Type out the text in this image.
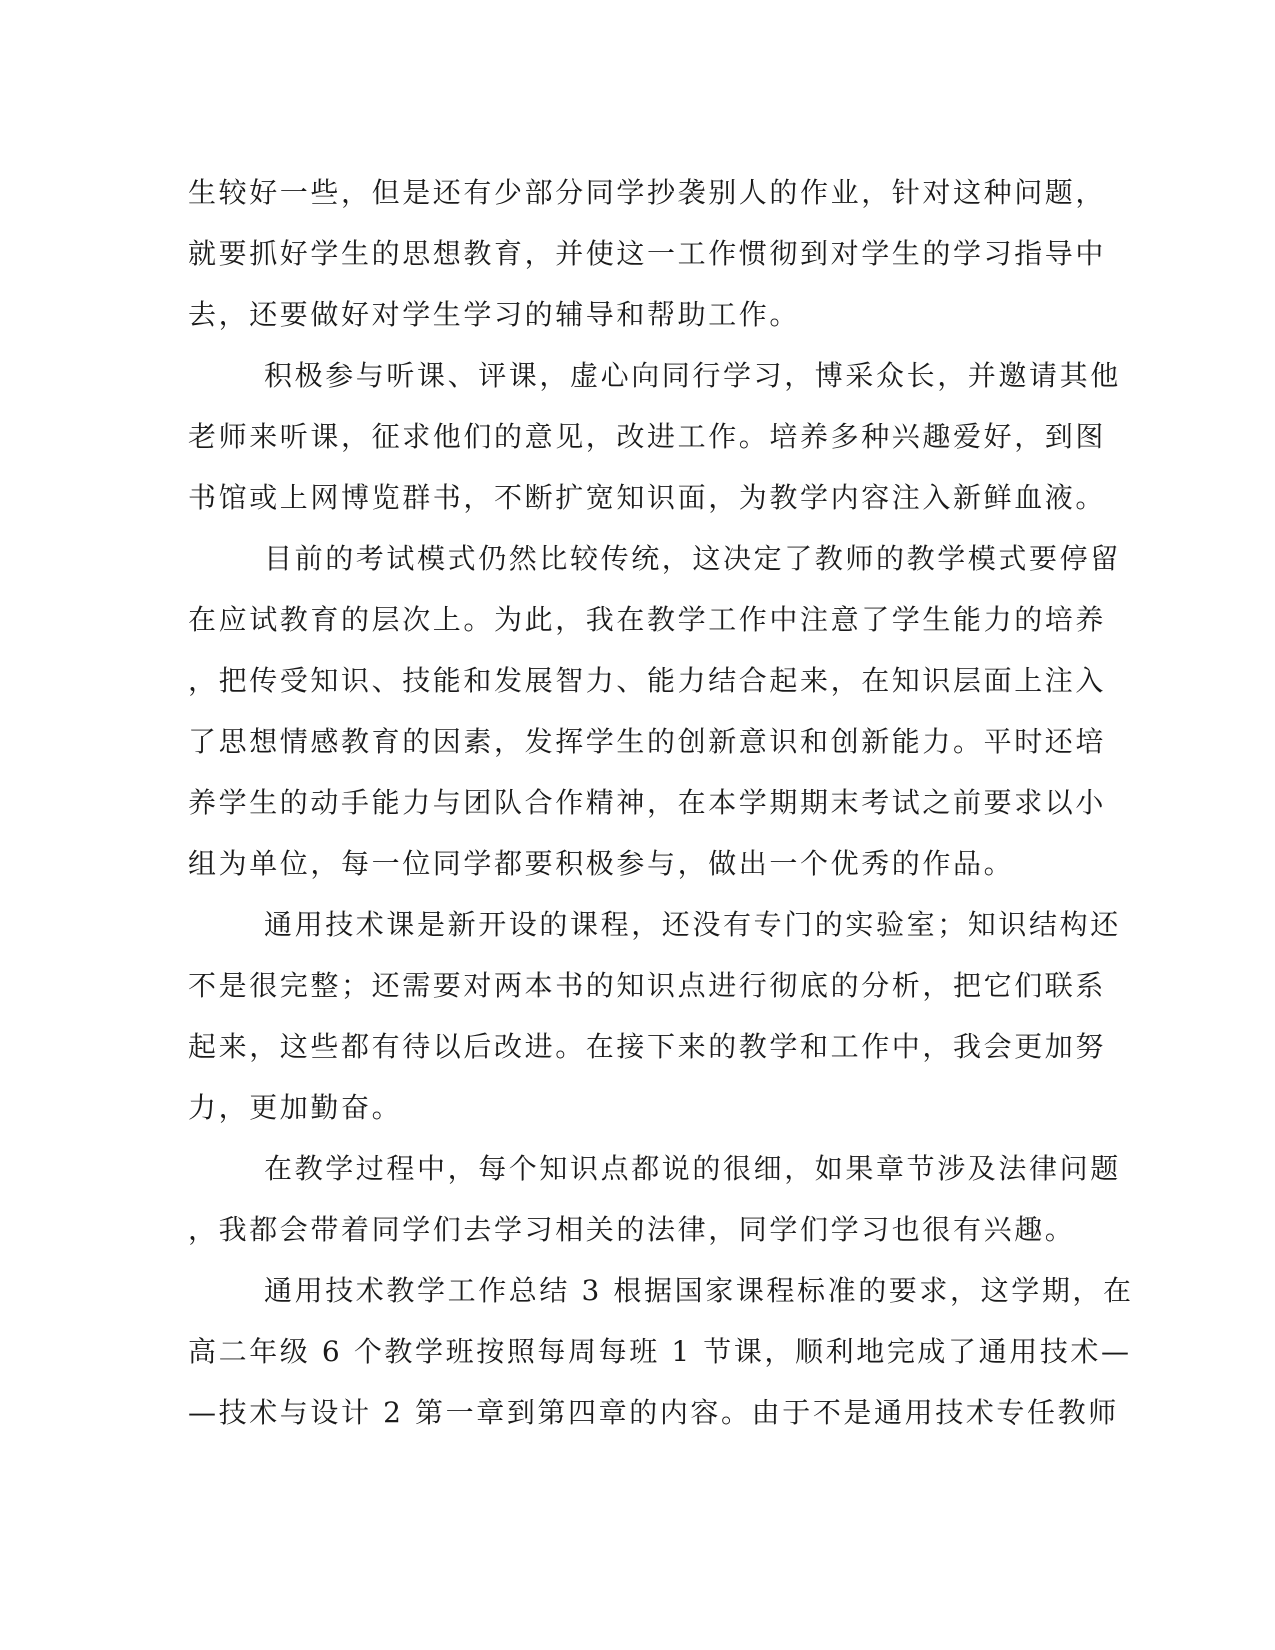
生较好一些，但是还有少部分同学抄袭别人的作业，针对这种问题，
就要抓好学生的思想教育，并使这一工作惯彻到对学生的学习指导中
去，还要做好对学生学习的辅导和帮助工作。
积极参与听课、评课，虚心向同行学习，博采众长，并邀请其他
老师来听课，征求他们的意见，改进工作。培养多种兴趣爱好，到图
书馆或上网博览群书，不断扩宽知识面，为教学内容注入新鲜血液。
目前的考试模式仍然比较传统，这决定了教师的教学模式要停留
在应试教育的层次上。为此，我在教学工作中注意了学生能力的培养
，把传受知识、技能和发展智力、能力结合起来，在知识层面上注入
了思想情感教育的因素，发挥学生的创新意识和创新能力。平时还培
养学生的动手能力与团队合作精神，在本学期期末考试之前要求以小
组为单位，每一位同学都要积极参与，做出一个优秀的作品。
通用技术课是新开设的课程，还没有专门的实验室；知识结构还
不是很完整；还需要对两本书的知识点进行彻底的分析，把它们联系
起来，这些都有待以后改进。在接下来的教学和工作中，我会更加努
力，更加勤奋。
在教学过程中，每个知识点都说的很细，如果章节涉及法律问题
，我都会带着同学们去学习相关的法律，同学们学习也很有兴趣。
通用技术教学工作总结 3 根据国家课程标准的要求，这学期，在
高二年级 6 个教学班按照每周每班 1 节课，顺利地完成了通用技术—
—技术与设计 2 第一章到第四章的内容。由于不是通用技术专任教师
